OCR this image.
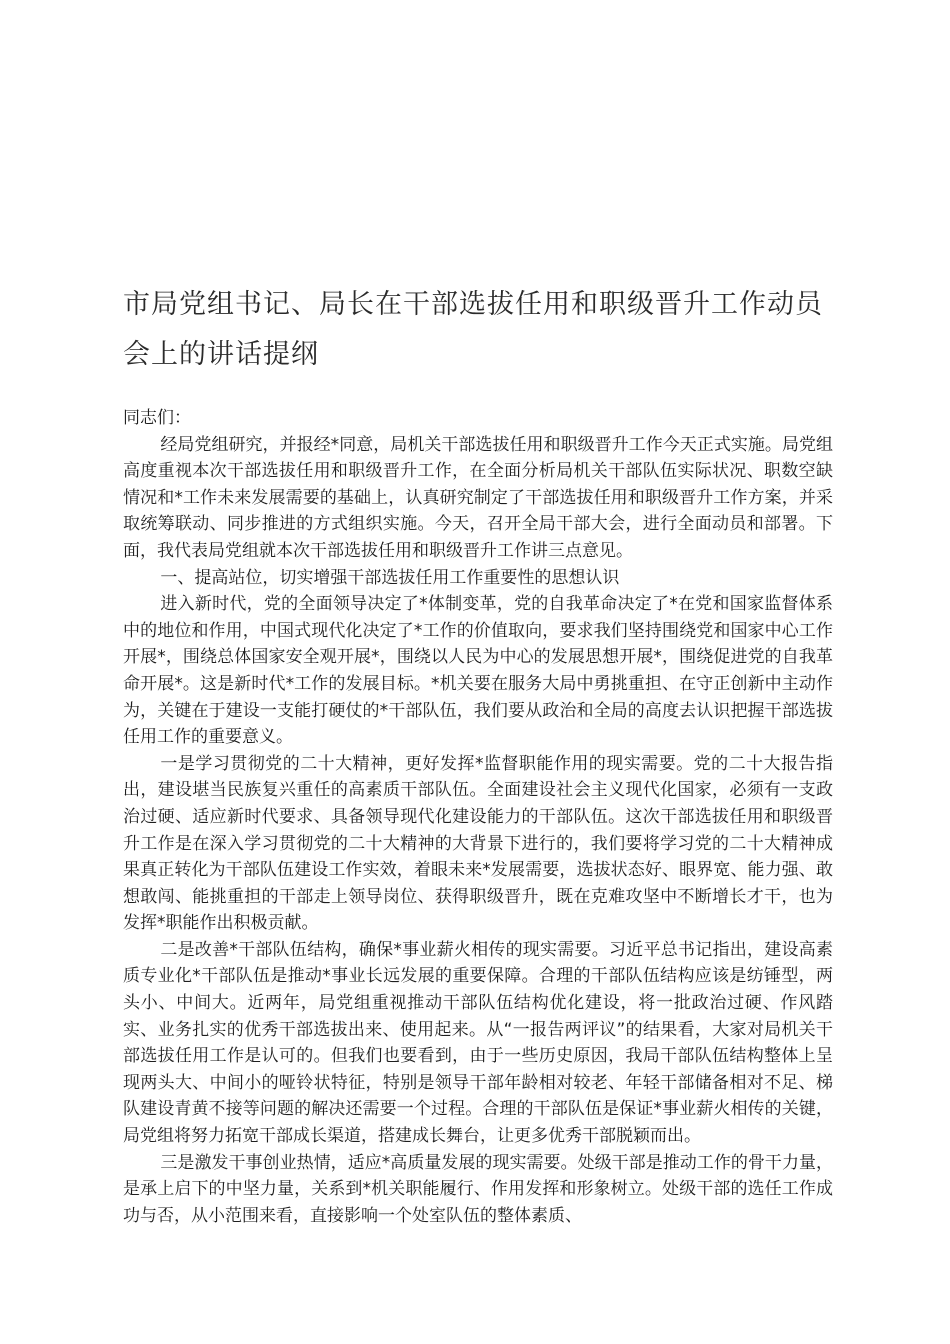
市局党组书记、局长在干部选拔任用和职级晋升工作动员会上的讲话提纲

同志们：

经局党组研究，并报经*同意，局机关干部选拔任用和职级晋升工作今天正式实施。局党组高度重视本次干部选拔任用和职级晋升工作，在全面分析局机关干部队伍实际状况、职数空缺情况和*工作未来发展需要的基础上，认真研究制定了干部选拔任用和职级晋升工作方案，并采取统筹联动、同步推进的方式组织实施。今天，召开全局干部大会，进行全面动员和部署。下面，我代表局党组就本次干部选拔任用和职级晋升工作讲三点意见。

一、提高站位，切实增强干部选拔任用工作重要性的思想认识

进入新时代，党的全面领导决定了*体制变革，党的自我革命决定了*在党和国家监督体系中的地位和作用，中国式现代化决定了*工作的价值取向，要求我们坚持围绕党和国家中心工作开展*，围绕总体国家安全观开展*，围绕以人民为中心的发展思想开展*，围绕促进党的自我革命开展*。这是新时代*工作的发展目标。*机关要在服务大局中勇挑重担、在守正创新中主动作为，关键在于建设一支能打硬仗的*干部队伍，我们要从政治和全局的高度去认识把握干部选拔任用工作的重要意义。

一是学习贯彻党的二十大精神，更好发挥*监督职能作用的现实需要。党的二十大报告指出，建设堪当民族复兴重任的高素质干部队伍。全面建设社会主义现代化国家，必须有一支政治过硬、适应新时代要求、具备领导现代化建设能力的干部队伍。这次干部选拔任用和职级晋升工作是在深入学习贯彻党的二十大精神的大背景下进行的，我们要将学习党的二十大精神成果真正转化为干部队伍建设工作实效，着眼未来*发展需要，选拔状态好、眼界宽、能力强、敢想敢闯、能挑重担的干部走上领导岗位、获得职级晋升，既在克难攻坚中不断增长才干，也为发挥*职能作出积极贡献。

二是改善*干部队伍结构，确保*事业薪火相传的现实需要。习近平总书记指出，建设高素质专业化*干部队伍是推动*事业长远发展的重要保障。合理的干部队伍结构应该是纺锤型，两头小、中间大。近两年，局党组重视推动干部队伍结构优化建设，将一批政治过硬、作风踏实、业务扎实的优秀干部选拔出来、使用起来。从“一报告两评议”的结果看，大家对局机关干部选拔任用工作是认可的。但我们也要看到，由于一些历史原因，我局干部队伍结构整体上呈现两头大、中间小的哑铃状特征，特别是领导干部年龄相对较老、年轻干部储备相对不足、梯队建设青黄不接等问题的解决还需要一个过程。合理的干部队伍是保证*事业薪火相传的关键，局党组将努力拓宽干部成长渠道，搭建成长舞台，让更多优秀干部脱颖而出。

三是激发干事创业热情，适应*高质量发展的现实需要。处级干部是推动工作的骨干力量，是承上启下的中坚力量，关系到*机关职能履行、作用发挥和形象树立。处级干部的选任工作成功与否，从小范围来看，直接影响一个处室队伍的整体素质、
